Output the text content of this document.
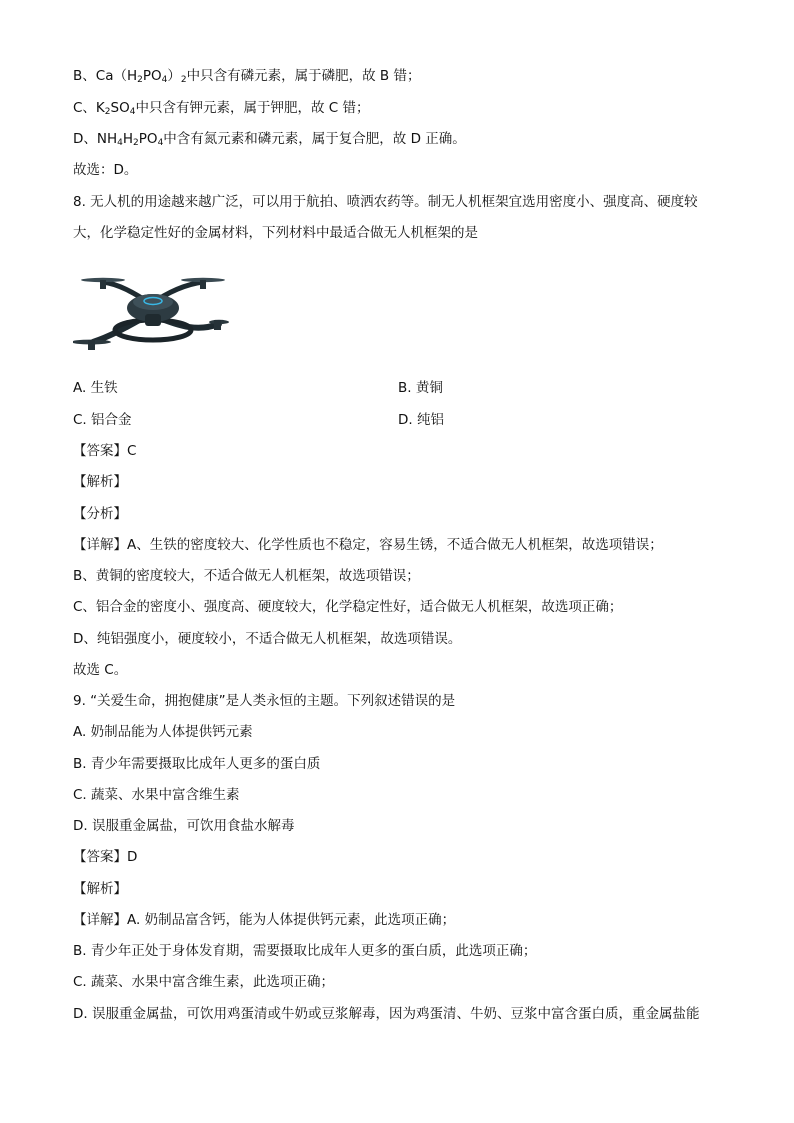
B、$Ca(H_2PO_4)_2$中只含有磷元素，属于磷肥，故 B 错；
C、$K_2SO_4$中只含有钾元素，属于钾肥，故 C 错；
D、$NH_4H_2PO_4$中含有氮元素和磷元素，属于复合肥，故 D 正确。
故选：D。
8. 无人机的用途越来越广泛，可以用于航拍、喷洒农药等。制无人机框架宜选用密度小、强度高、硬度较
大，化学稳定性好的金属材料，下列材料中最适合做无人机框架的是
A. 生铁	B. 黄铜
C. 铝合金	D. 纯铝
【答案】C
【解析】
【分析】
【详解】A、生铁的密度较大、化学性质也不稳定，容易生锈，不适合做无人机框架，故选项错误；
B、黄铜的密度较大，不适合做无人机框架，故选项错误；
C、铝合金的密度小、强度高、硬度较大，化学稳定性好，适合做无人机框架，故选项正确；
D、纯铝强度小，硬度较小，不适合做无人机框架，故选项错误。
故选 C。
9. “关爱生命，拥抱健康”是人类永恒的主题。下列叙述错误的是
A. 奶制品能为人体提供钙元素
B. 青少年需要摄取比成年人更多的蛋白质
C. 蔬菜、水果中富含维生素
D. 误服重金属盐，可饮用食盐水解毒
【答案】D
【解析】
【详解】A. 奶制品富含钙，能为人体提供钙元素，此选项正确；
B. 青少年正处于身体发育期，需要摄取比成年人更多的蛋白质，此选项正确；
C. 蔬菜、水果中富含维生素，此选项正确；
D. 误服重金属盐，可饮用鸡蛋清或牛奶或豆浆解毒，因为鸡蛋清、牛奶、豆浆中富含蛋白质，重金属盐能
